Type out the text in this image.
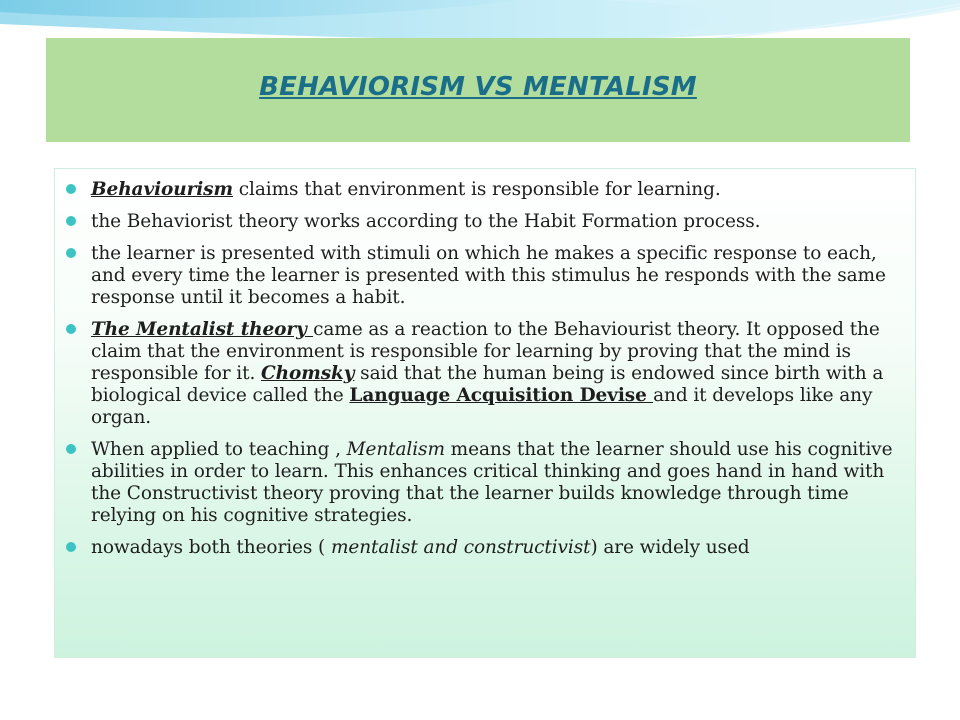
BEHAVIORISM VS MENTALISM
Behaviourism claims that environment is responsible for learning.
the Behaviorist theory works according to the Habit Formation process.
the learner is presented with stimuli on which he makes a specific response to each, and every time the learner is presented with this stimulus he responds with the same response until it becomes a habit.
The Mentalist theory came as a reaction to the Behaviourist theory. It opposed the claim that the environment is responsible for learning by proving that the mind is responsible for it. Chomsky said that the human being is endowed since birth with a biological device called the Language Acquisition Devise and it develops like any organ.
When applied to teaching , Mentalism means that the learner should use his cognitive abilities in order to learn. This enhances critical thinking and goes hand in hand with the Constructivist theory proving that the learner builds knowledge through time relying on his cognitive strategies.
nowadays both theories ( mentalist and constructivist) are widely used
